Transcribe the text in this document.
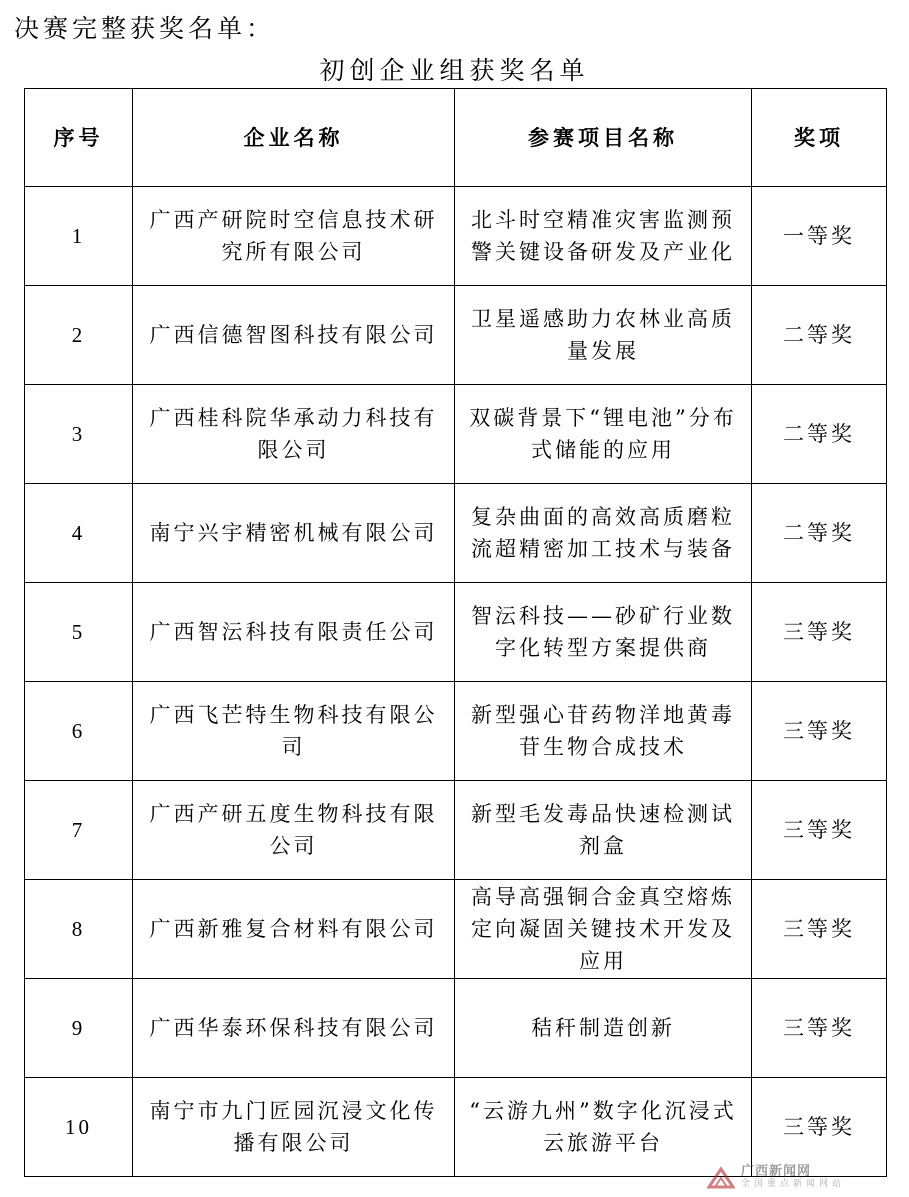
决赛完整获奖名单：
初创企业组获奖名单
序号	企业名称	参赛项目名称	奖项
1	广西产研院时空信息技术研究所有限公司	北斗时空精准灾害监测预警关键设备研发及产业化	一等奖
2	广西信德智图科技有限公司	卫星遥感助力农林业高质量发展	二等奖
3	广西桂科院华承动力科技有限公司	双碳背景下“锂电池”分布式储能的应用	二等奖
4	南宁兴宇精密机械有限公司	复杂曲面的高效高质磨粒流超精密加工技术与装备	二等奖
5	广西智沄科技有限责任公司	智沄科技——砂矿行业数字化转型方案提供商	三等奖
6	广西飞芒特生物科技有限公司	新型强心苷药物洋地黄毒苷生物合成技术	三等奖
7	广西产研五度生物科技有限公司	新型毛发毒品快速检测试剂盒	三等奖
8	广西新雅复合材料有限公司	高导高强铜合金真空熔炼定向凝固关键技术开发及应用	三等奖
9	广西华泰环保科技有限公司	秸秆制造创新	三等奖
10	南宁市九门匠园沉浸文化传播有限公司	“云游九州”数字化沉浸式云旅游平台	三等奖
广西新闻网
全国重点新闻网站
